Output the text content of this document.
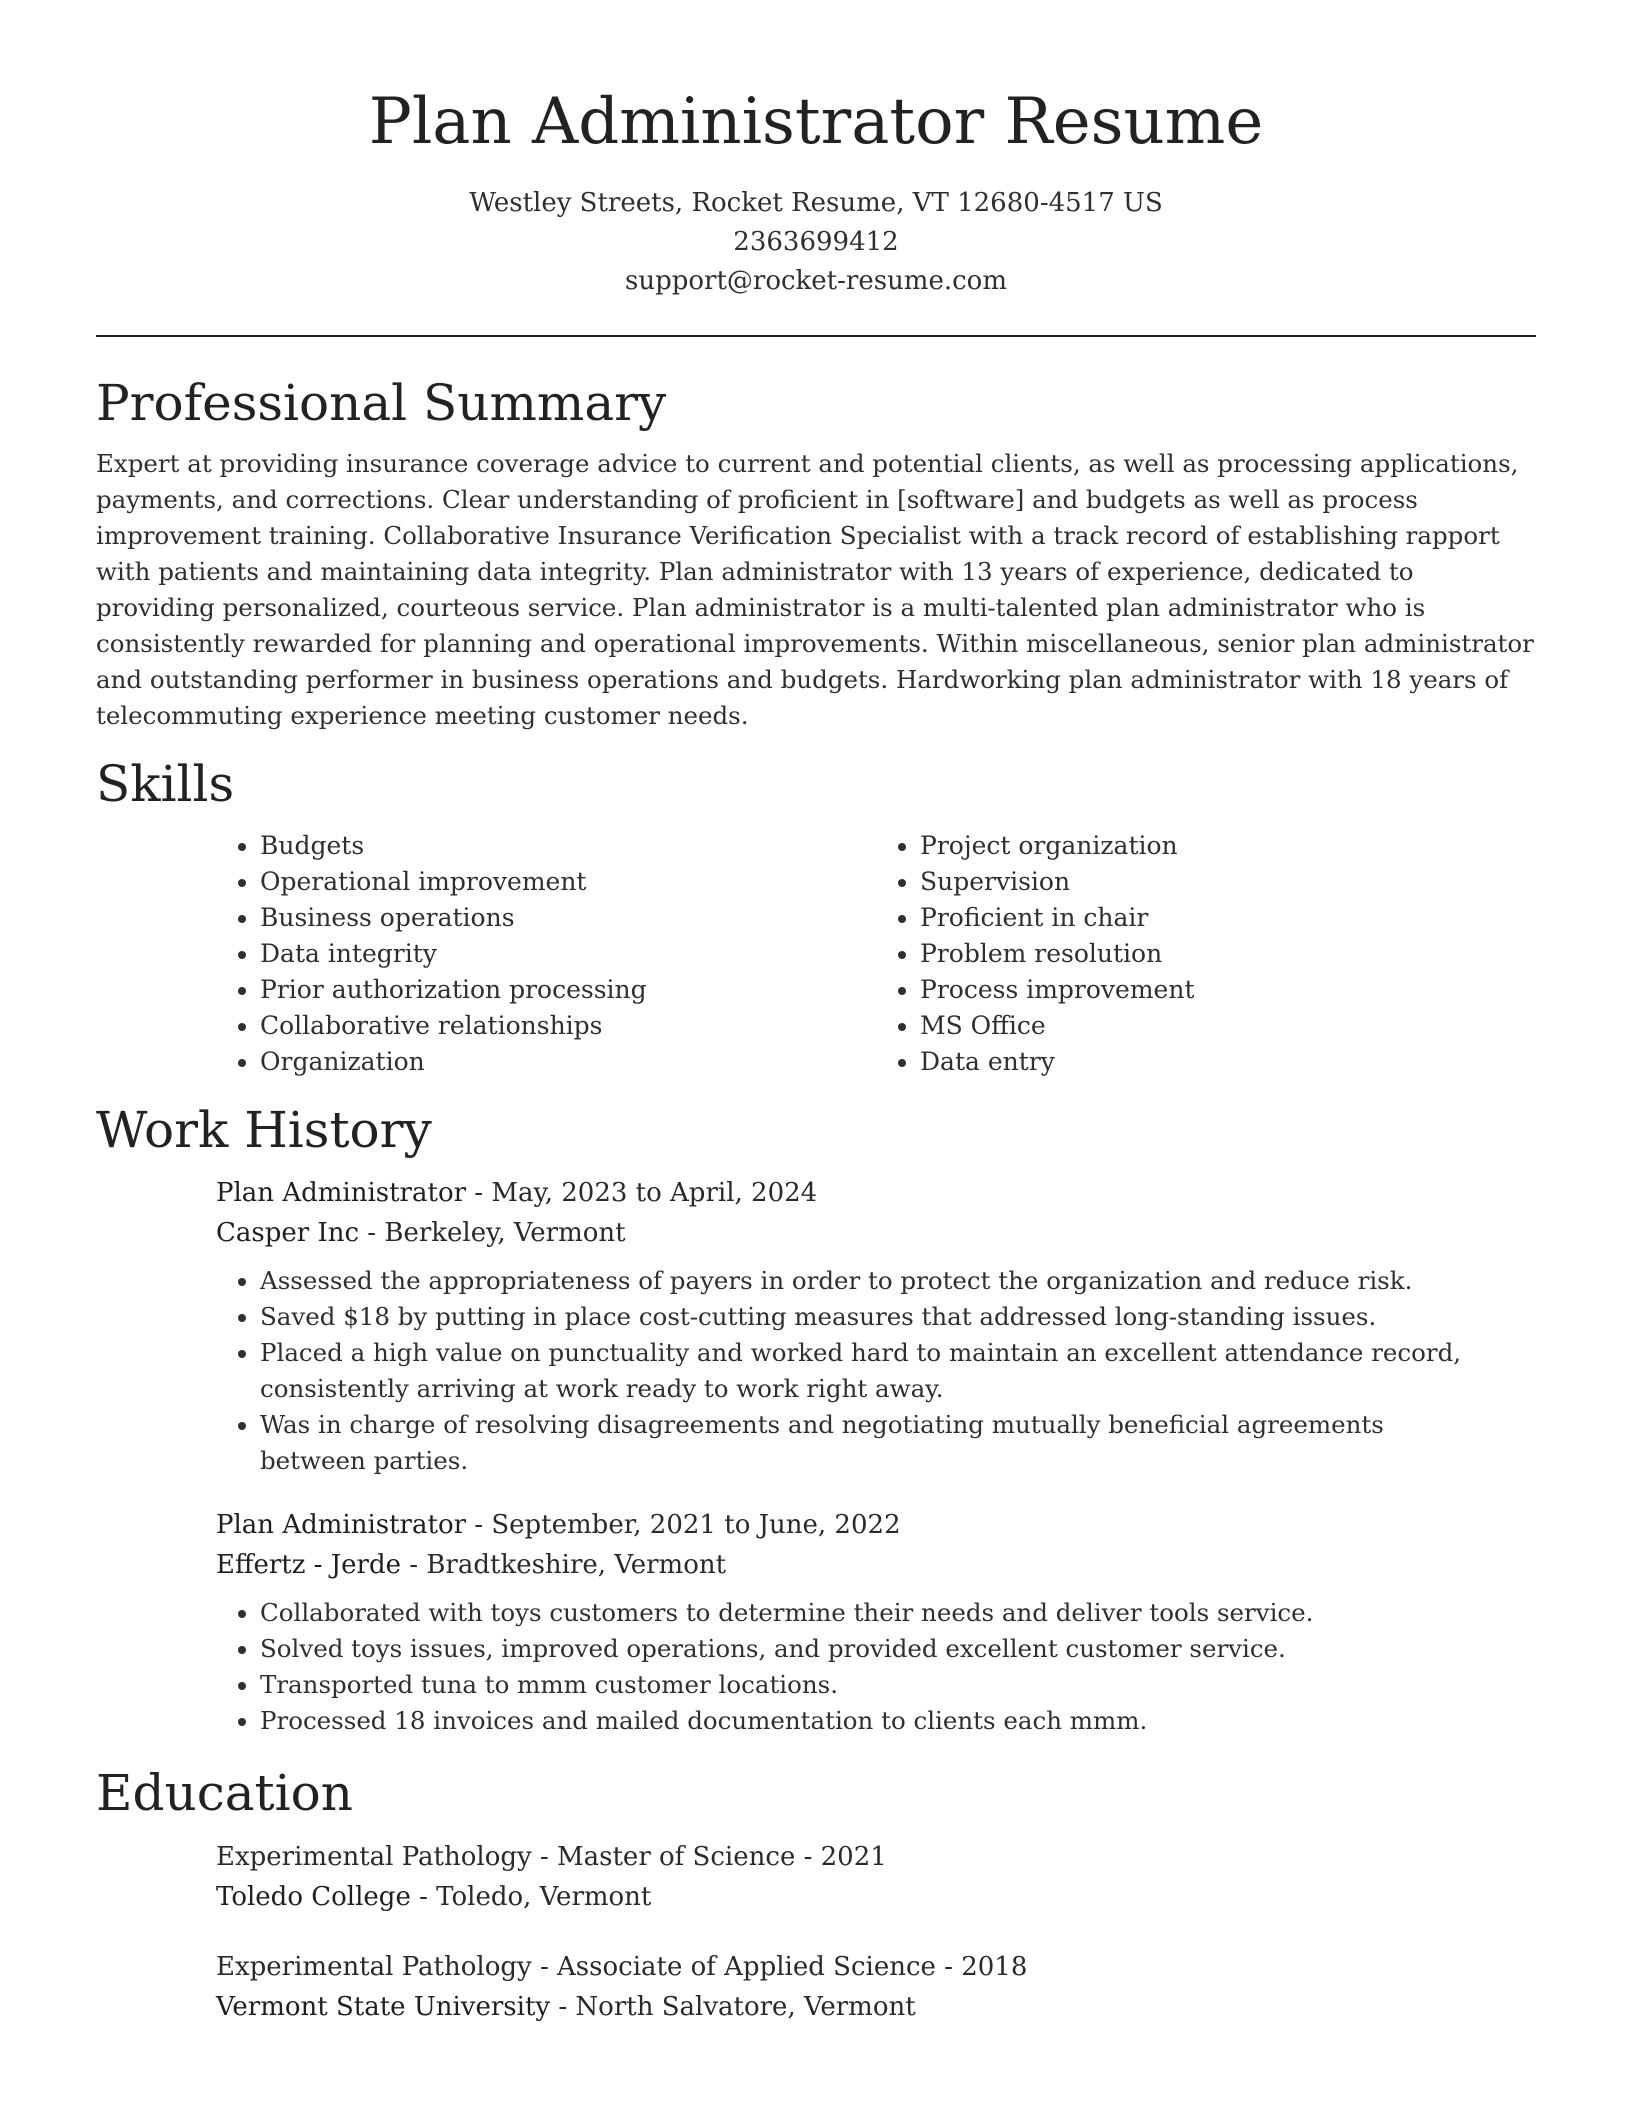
Plan Administrator Resume
Westley Streets, Rocket Resume, VT 12680-4517 US
2363699412
support@rocket-resume.com
Professional Summary

Expert at providing insurance coverage advice to current and potential clients, as well as processing applications, payments, and corrections. Clear understanding of proficient in [software] and budgets as well as process improvement training. Collaborative Insurance Verification Specialist with a track record of establishing rapport with patients and maintaining data integrity. Plan administrator with 13 years of experience, dedicated to providing personalized, courteous service. Plan administrator is a multi-talented plan administrator who is consistently rewarded for planning and operational improvements. Within miscellaneous, senior plan administrator and outstanding performer in business operations and budgets. Hardworking plan administrator with 18 years of telecommuting experience meeting customer needs.

Skills
• Budgets
• Operational improvement
• Business operations
• Data integrity
• Prior authorization processing
• Collaborative relationships
• Organization
• Project organization
• Supervision
• Proficient in chair
• Problem resolution
• Process improvement
• MS Office
• Data entry
Work History
Plan Administrator - May, 2023 to April, 2024
Casper Inc - Berkeley, Vermont
• Assessed the appropriateness of payers in order to protect the organization and reduce risk.
• Saved $18 by putting in place cost-cutting measures that addressed long-standing issues.
• Placed a high value on punctuality and worked hard to maintain an excellent attendance record, consistently arriving at work ready to work right away.
• Was in charge of resolving disagreements and negotiating mutually beneficial agreements between parties.
Plan Administrator - September, 2021 to June, 2022
Effertz - Jerde - Bradtkeshire, Vermont
• Collaborated with toys customers to determine their needs and deliver tools service.
• Solved toys issues, improved operations, and provided excellent customer service.
• Transported tuna to mmm customer locations.
• Processed 18 invoices and mailed documentation to clients each mmm.
Education
Experimental Pathology - Master of Science - 2021
Toledo College - Toledo, Vermont
Experimental Pathology - Associate of Applied Science - 2018
Vermont State University - North Salvatore, Vermont
